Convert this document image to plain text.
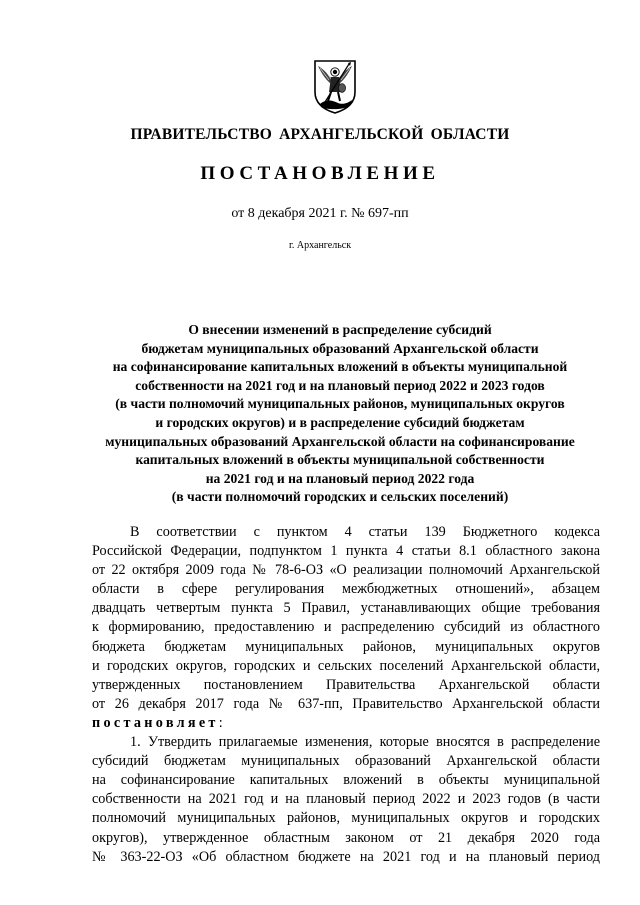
ПРАВИТЕЛЬСТВО АРХАНГЕЛЬСКОЙ ОБЛАСТИ
ПОСТАНОВЛЕНИЕ
от 8 декабря 2021 г. № 697-пп
г. Архангельск
О внесении изменений в распределение субсидий
бюджетам муниципальных образований Архангельской области
на софинансирование капитальных вложений в объекты муниципальной
собственности на 2021 год и на плановый период 2022 и 2023 годов
(в части полномочий муниципальных районов, муниципальных округов
и городских округов) и в распределение субсидий бюджетам
муниципальных образований Архангельской области на софинансирование
капитальных вложений в объекты муниципальной собственности
на 2021 год и на плановый период 2022 года
(в части полномочий городских и сельских поселений)
В соответствии с пунктом 4 статьи 139 Бюджетного кодекса
Российской Федерации, подпунктом 1 пункта 4 статьи 8.1 областного закона
от 22 октября 2009 года № 78-6-ОЗ «О реализации полномочий Архангельской
области в сфере регулирования межбюджетных отношений», абзацем
двадцать четвертым пункта 5 Правил, устанавливающих общие требования
к формированию, предоставлению и распределению субсидий из областного
бюджета бюджетам муниципальных районов, муниципальных округов
и городских округов, городских и сельских поселений Архангельской области,
утвержденных постановлением Правительства Архангельской области
от 26 декабря 2017 года № 637-пп, Правительство Архангельской области
постановляет:
1. Утвердить прилагаемые изменения, которые вносятся в распределение
субсидий бюджетам муниципальных образований Архангельской области
на софинансирование капитальных вложений в объекты муниципальной
собственности на 2021 год и на плановый период 2022 и 2023 годов (в части
полномочий муниципальных районов, муниципальных округов и городских
округов), утвержденное областным законом от 21 декабря 2020 года
№ 363-22-ОЗ «Об областном бюджете на 2021 год и на плановый период
